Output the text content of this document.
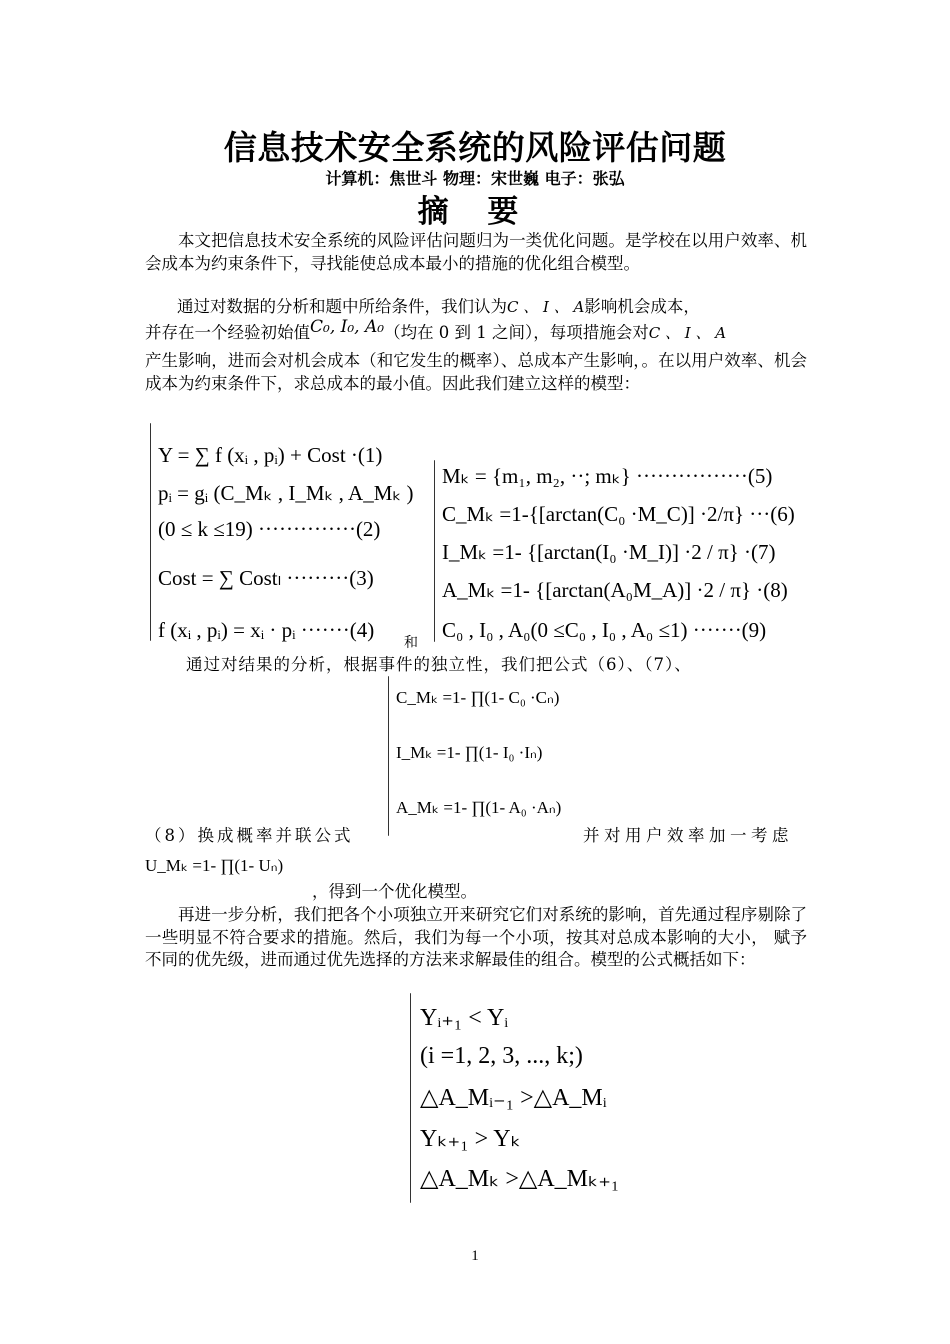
信息技术安全系统的风险评估问题
计算机：焦世斗 物理：宋世巍 电子：张弘
摘 要

本文把信息技术安全系统的风险评估问题归为一类优化问题。是学校在以用户效率、机会成本为约束条件下，寻找能使总成本最小的措施的优化组合模型。

通过对数据的分析和题中所给条件，我们认为C 、 I 、 A影响机会成本，
并存在一个经验初始值C₀, I₀, A₀（均在 0 到 1 之间），每项措施会对C 、 I 、 A

产生影响，进而会对机会成本（和它发生的概率）、总成本产生影响，。在以用户效率、机会成本为约束条件下，求总成本的最小值。因此我们建立这样的模型：

Y = ∑ f (xᵢ , pᵢ) + Cost ·(1)
pᵢ = gᵢ (C_Mₖ , I_Mₖ , A_Mₖ )
(0 ≤ k ≤19) ··············(2)
Cost = ∑ Costₗ ·········(3)
f (xᵢ , pᵢ) = xᵢ · pᵢ ·······(4)
和
Mₖ = {m₁, m₂, ··; mₖ} ················(5)
C_Mₖ =1-{[arctan(C₀ ·M_C)] ·2/π} ···(6)
I_Mₖ =1- {[arctan(I₀ ·M_I)] ·2 / π} ·(7)
A_Mₖ =1- {[arctan(A₀M_A)] ·2 / π} ·(8)
C₀ , I₀ , A₀(0 ≤C₀ , I₀ , A₀ ≤1) ·······(9)
通过对结果的分析，根据事件的独立性，我们把公式（6）、（7）、
C_Mₖ =1- ∏(1- C₀ ·Cₙ)
I_Mₖ =1- ∏(1- I₀ ·Iₙ)
A_Mₖ =1- ∏(1- A₀ ·Aₙ)
（8）换成概率并联公式	并对用户效率加一考虑
U_Mₖ =1- ∏(1- Uₙ)
，得到一个优化模型。

再进一步分析，我们把各个小项独立开来研究它们对系统的影响，首先通过程序剔除了一些明显不符合要求的措施。然后，我们为每一个小项，按其对总成本影响的大小， 赋予不同的优先级，进而通过优先选择的方法来求解最佳的组合。模型的公式概括如下：

Yᵢ₊₁ < Yᵢ
(i =1, 2, 3, ..., k;)
△A_Mᵢ₋₁ >△A_Mᵢ
Yₖ₊₁ > Yₖ
△A_Mₖ >△A_Mₖ₊₁
1
